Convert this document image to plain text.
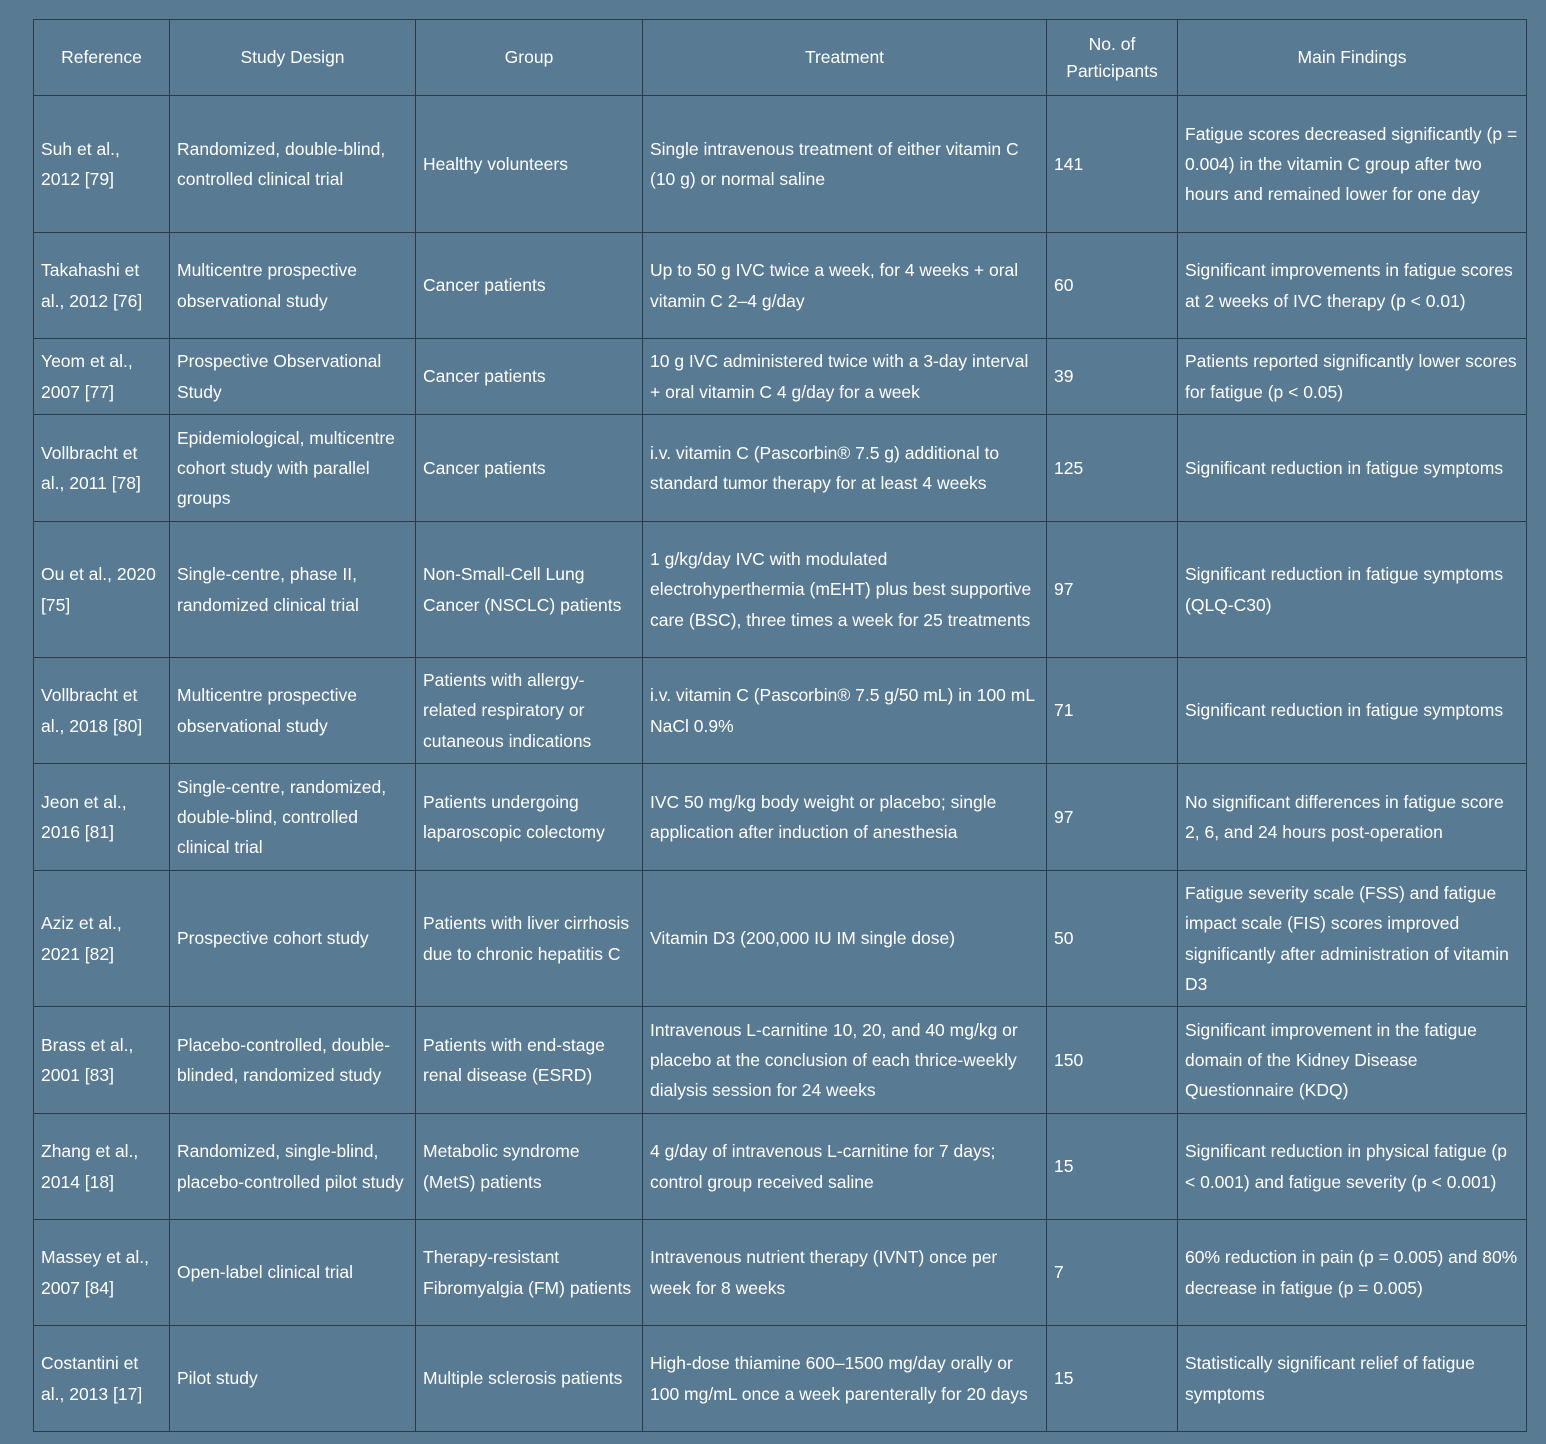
Reference	Study Design	Group	Treatment	No. of Participants	Main Findings
Suh et al., 2012 [79]	Randomized, double-blind, controlled clinical trial	Healthy volunteers	Single intravenous treatment of either vitamin C (10 g) or normal saline	141	Fatigue scores decreased significantly (p = 0.004) in the vitamin C group after two hours and remained lower for one day
Takahashi et al., 2012 [76]	Multicentre prospective observational study	Cancer patients	Up to 50 g IVC twice a week, for 4 weeks + oral vitamin C 2–4 g/day	60	Significant improvements in fatigue scores at 2 weeks of IVC therapy (p < 0.01)
Yeom et al., 2007 [77]	Prospective Observational Study	Cancer patients	10 g IVC administered twice with a 3-day interval + oral vitamin C 4 g/day for a week	39	Patients reported significantly lower scores for fatigue (p < 0.05)
Vollbracht et al., 2011 [78]	Epidemiological, multicentre cohort study with parallel groups	Cancer patients	i.v. vitamin C (Pascorbin® 7.5 g) additional to standard tumor therapy for at least 4 weeks	125	Significant reduction in fatigue symptoms
Ou et al., 2020 [75]	Single-centre, phase II, randomized clinical trial	Non-Small-Cell Lung Cancer (NSCLC) patients	1 g/kg/day IVC with modulated electrohyperthermia (mEHT) plus best supportive care (BSC), three times a week for 25 treatments	97	Significant reduction in fatigue symptoms (QLQ-C30)
Vollbracht et al., 2018 [80]	Multicentre prospective observational study	Patients with allergy-related respiratory or cutaneous indications	i.v. vitamin C (Pascorbin® 7.5 g/50 mL) in 100 mL NaCl 0.9%	71	Significant reduction in fatigue symptoms
Jeon et al., 2016 [81]	Single-centre, randomized, double-blind, controlled clinical trial	Patients undergoing laparoscopic colectomy	IVC 50 mg/kg body weight or placebo; single application after induction of anesthesia	97	No significant differences in fatigue score 2, 6, and 24 hours post-operation
Aziz et al., 2021 [82]	Prospective cohort study	Patients with liver cirrhosis due to chronic hepatitis C	Vitamin D3 (200,000 IU IM single dose)	50	Fatigue severity scale (FSS) and fatigue impact scale (FIS) scores improved significantly after administration of vitamin D3
Brass et al., 2001 [83]	Placebo-controlled, double-blinded, randomized study	Patients with end-stage renal disease (ESRD)	Intravenous L-carnitine 10, 20, and 40 mg/kg or placebo at the conclusion of each thrice-weekly dialysis session for 24 weeks	150	Significant improvement in the fatigue domain of the Kidney Disease Questionnaire (KDQ)
Zhang et al., 2014 [18]	Randomized, single-blind, placebo-controlled pilot study	Metabolic syndrome (MetS) patients	4 g/day of intravenous L-carnitine for 7 days; control group received saline	15	Significant reduction in physical fatigue (p < 0.001) and fatigue severity (p < 0.001)
Massey et al., 2007 [84]	Open-label clinical trial	Therapy-resistant Fibromyalgia (FM) patients	Intravenous nutrient therapy (IVNT) once per week for 8 weeks	7	60% reduction in pain (p = 0.005) and 80% decrease in fatigue (p = 0.005)
Costantini et al., 2013 [17]	Pilot study	Multiple sclerosis patients	High-dose thiamine 600–1500 mg/day orally or 100 mg/mL once a week parenterally for 20 days	15	Statistically significant relief of fatigue symptoms
